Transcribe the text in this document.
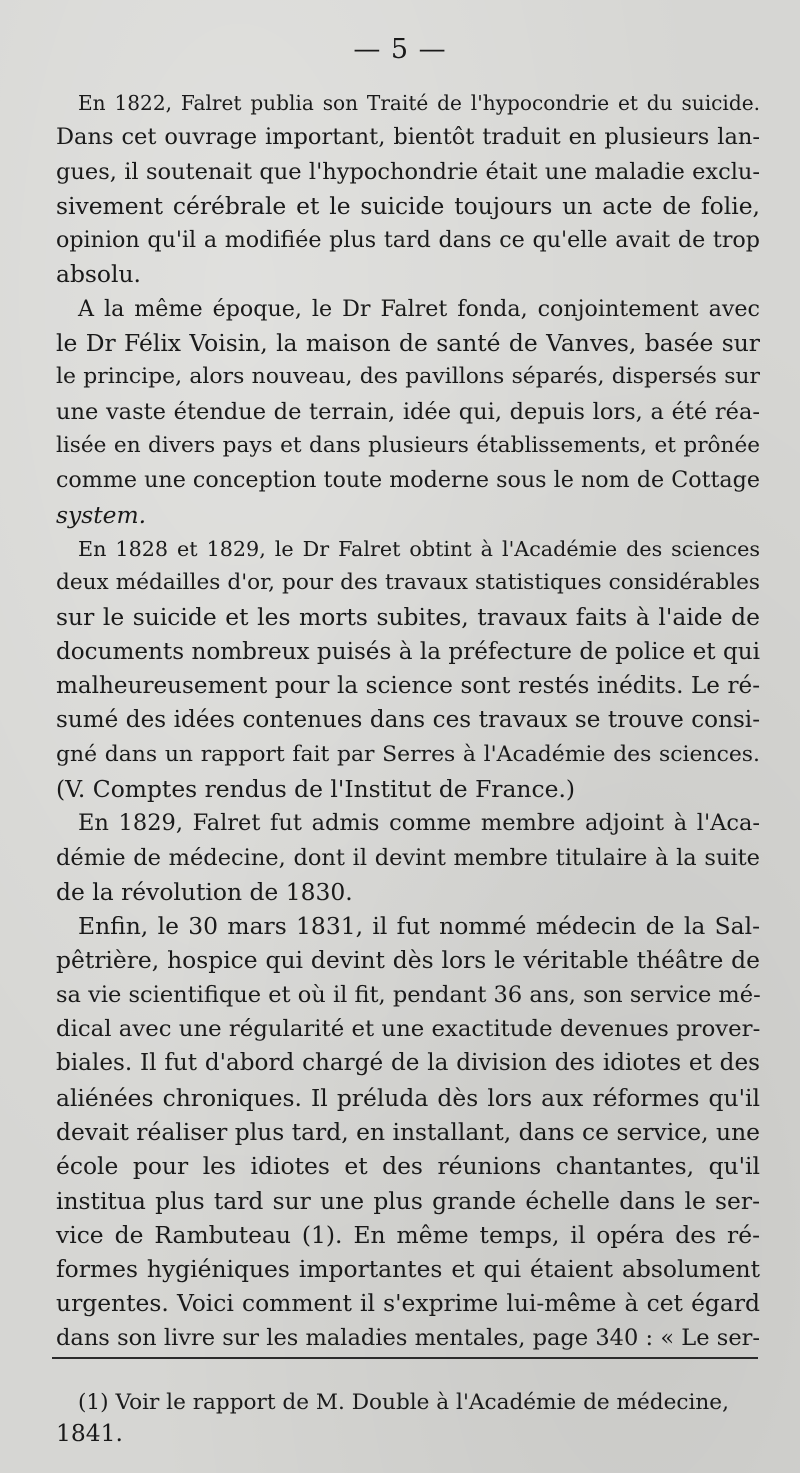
— 5 —
En 1822, Falret publia son Traité de l'hypocondrie et du suicide.
Dans cet ouvrage important, bientôt traduit en plusieurs lan-
gues, il soutenait que l'hypochondrie était une maladie exclu-
sivement cérébrale et le suicide toujours un acte de folie,
opinion qu'il a modifiée plus tard dans ce qu'elle avait de trop
absolu.
A la même époque, le Dr Falret fonda, conjointement avec
le Dr Félix Voisin, la maison de santé de Vanves, basée sur
le principe, alors nouveau, des pavillons séparés, dispersés sur
une vaste étendue de terrain, idée qui, depuis lors, a été réa-
lisée en divers pays et dans plusieurs établissements, et prônée
comme une conception toute moderne sous le nom de Cottage
system.
En 1828 et 1829, le Dr Falret obtint à l'Académie des sciences
deux médailles d'or, pour des travaux statistiques considérables
sur le suicide et les morts subites, travaux faits à l'aide de
documents nombreux puisés à la préfecture de police et qui
malheureusement pour la science sont restés inédits. Le ré-
sumé des idées contenues dans ces travaux se trouve consi-
gné dans un rapport fait par Serres à l'Académie des sciences.
(V. Comptes rendus de l'Institut de France.)
En 1829, Falret fut admis comme membre adjoint à l'Aca-
démie de médecine, dont il devint membre titulaire à la suite
de la révolution de 1830.
Enfin, le 30 mars 1831, il fut nommé médecin de la Sal-
pêtrière, hospice qui devint dès lors le véritable théâtre de
sa vie scientifique et où il fit, pendant 36 ans, son service mé-
dical avec une régularité et une exactitude devenues prover-
biales. Il fut d'abord chargé de la division des idiotes et des
aliénées chroniques. Il préluda dès lors aux réformes qu'il
devait réaliser plus tard, en installant, dans ce service, une
école pour les idiotes et des réunions chantantes, qu'il
institua plus tard sur une plus grande échelle dans le ser-
vice de Rambuteau (1). En même temps, il opéra des ré-
formes hygiéniques importantes et qui étaient absolument
urgentes. Voici comment il s'exprime lui-même à cet égard
dans son livre sur les maladies mentales, page 340 : « Le ser-
(1) Voir le rapport de M. Double à l'Académie de médecine,
1841.
